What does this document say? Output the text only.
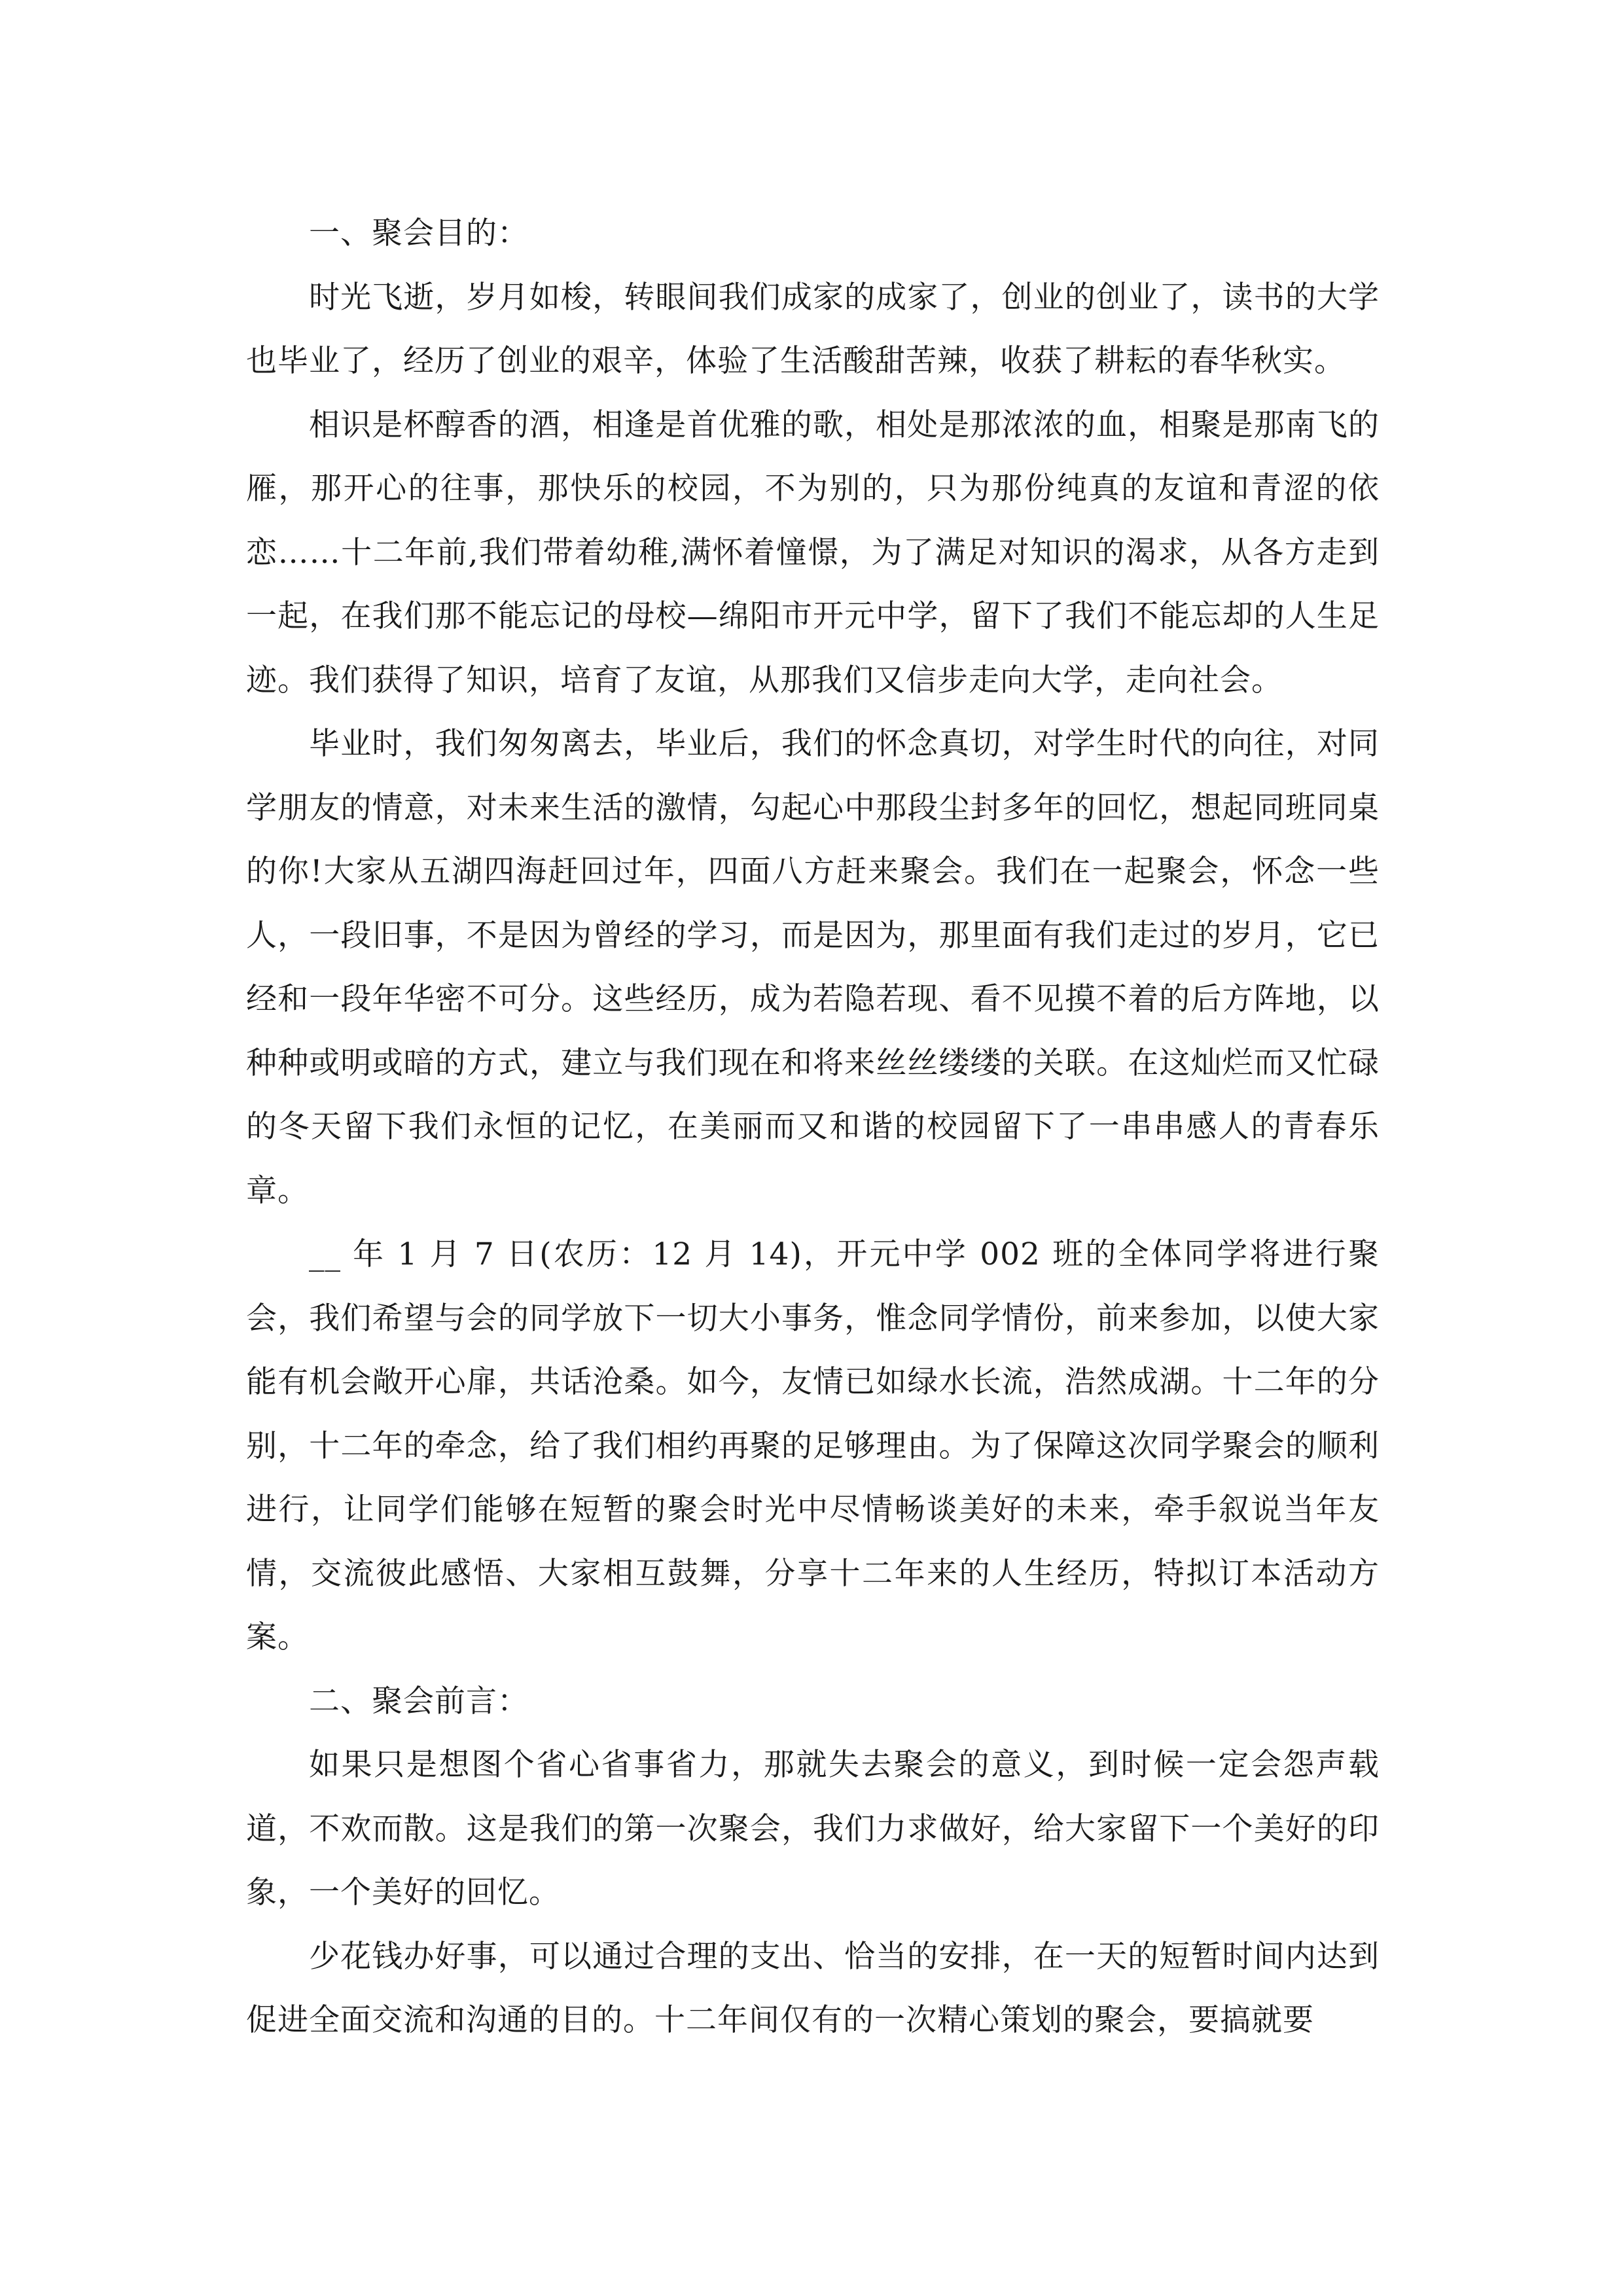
一、聚会目的：

时光飞逝，岁月如梭，转眼间我们成家的成家了，创业的创业了，读书的大学也毕业了，经历了创业的艰辛，体验了生活酸甜苦辣，收获了耕耘的春华秋实。

相识是杯醇香的酒，相逢是首优雅的歌，相处是那浓浓的血，相聚是那南飞的雁，那开心的往事，那快乐的校园，不为别的，只为那份纯真的友谊和青涩的依恋……十二年前,我们带着幼稚,满怀着憧憬，为了满足对知识的渴求，从各方走到一起，在我们那不能忘记的母校—绵阳市开元中学，留下了我们不能忘却的人生足迹。我们获得了知识，培育了友谊，从那我们又信步走向大学，走向社会。

毕业时，我们匆匆离去，毕业后，我们的怀念真切，对学生时代的向往，对同学朋友的情意，对未来生活的激情，勾起心中那段尘封多年的回忆，想起同班同桌的你!大家从五湖四海赶回过年，四面八方赶来聚会。我们在一起聚会，怀念一些人，一段旧事，不是因为曾经的学习，而是因为，那里面有我们走过的岁月，它已经和一段年华密不可分。这些经历，成为若隐若现、看不见摸不着的后方阵地，以种种或明或暗的方式，建立与我们现在和将来丝丝缕缕的关联。在这灿烂而又忙碌的冬天留下我们永恒的记忆，在美丽而又和谐的校园留下了一串串感人的青春乐章。

__ 年 1 月 7 日(农历：12 月 14)，开元中学 002 班的全体同学将进行聚会，我们希望与会的同学放下一切大小事务，惟念同学情份，前来参加，以使大家能有机会敞开心扉，共话沧桑。如今，友情已如绿水长流，浩然成湖。十二年的分别，十二年的牵念，给了我们相约再聚的足够理由。为了保障这次同学聚会的顺利进行，让同学们能够在短暂的聚会时光中尽情畅谈美好的未来，牵手叙说当年友情，交流彼此感悟、大家相互鼓舞，分享十二年来的人生经历，特拟订本活动方案。

二、聚会前言：

如果只是想图个省心省事省力，那就失去聚会的意义，到时候一定会怨声载道，不欢而散。这是我们的第一次聚会，我们力求做好，给大家留下一个美好的印象，一个美好的回忆。

少花钱办好事，可以通过合理的支出、恰当的安排，在一天的短暂时间内达到促进全面交流和沟通的目的。十二年间仅有的一次精心策划的聚会，要搞就要
